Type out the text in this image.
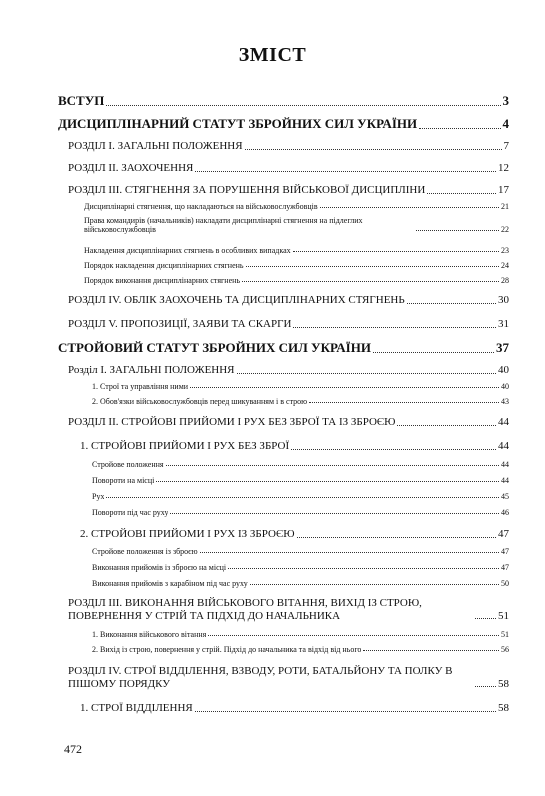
ЗМІСТ
ВСТУП	3
ДИСЦИПЛІНАРНИЙ СТАТУТ ЗБРОЙНИХ СИЛ УКРАЇНИ	4
РОЗДІЛ І. ЗАГАЛЬНІ ПОЛОЖЕННЯ	7
РОЗДІЛ ІІ. ЗАОХОЧЕННЯ	12
РОЗДІЛ ІІІ. СТЯГНЕННЯ ЗА ПОРУШЕННЯ ВІЙСЬКОВОЇ ДИСЦИПЛІНИ	17
Дисциплінарні стягнення, що накладаються на військовослужбовців	21
Права командирів (начальників) накладати дисциплінарні стягнення на підлеглих військовослужбовців	22
Накладення дисциплінарних стягнень в особливих випадках	23
Порядок накладення дисциплінарних стягнень	24
Порядок виконання дисциплінарних стягнень	28
РОЗДІЛ IV. ОБЛІК ЗАОХОЧЕНЬ ТА ДИСЦИПЛІНАРНИХ СТЯГНЕНЬ	30
РОЗДІЛ V. ПРОПОЗИЦІЇ, ЗАЯВИ ТА СКАРГИ	31
СТРОЙОВИЙ СТАТУТ ЗБРОЙНИХ СИЛ УКРАЇНИ	37
Розділ І. ЗАГАЛЬНІ ПОЛОЖЕННЯ	40
1. Строї та управління ними	40
2. Обов'язки військовослужбовців перед шикуванням і в строю	43
РОЗДІЛ ІІ. СТРОЙОВІ ПРИЙОМИ І РУХ БЕЗ ЗБРОЇ ТА ІЗ ЗБРОЄЮ	44
1. СТРОЙОВІ ПРИЙОМИ І РУХ БЕЗ ЗБРОЇ	44
Стройове положення	44
Повороти на місці	44
Рух	45
Повороти під час руху	46
2. СТРОЙОВІ ПРИЙОМИ І РУХ ІЗ ЗБРОЄЮ	47
Стройове положення із зброєю	47
Виконання прийомів із зброєю на місці	47
Виконання прийомів з карабіном під час руху	50
РОЗДІЛ ІІІ. ВИКОНАННЯ ВІЙСЬКОВОГО ВІТАННЯ, ВИХІД ІЗ СТРОЮ, ПОВЕРНЕННЯ У СТРІЙ ТА ПІДХІД ДО НАЧАЛЬНИКА	51
1. Виконання військового вітання	51
2. Вихід із строю, повернення у стрій. Підхід до начальника та відхід від нього	56
РОЗДІЛ IV. СТРОЇ ВІДДІЛЕННЯ, ВЗВОДУ, РОТИ, БАТАЛЬЙОНУ ТА ПОЛКУ В ПІШОМУ ПОРЯДКУ	58
1. СТРОЇ ВІДДІЛЕННЯ	58
472
